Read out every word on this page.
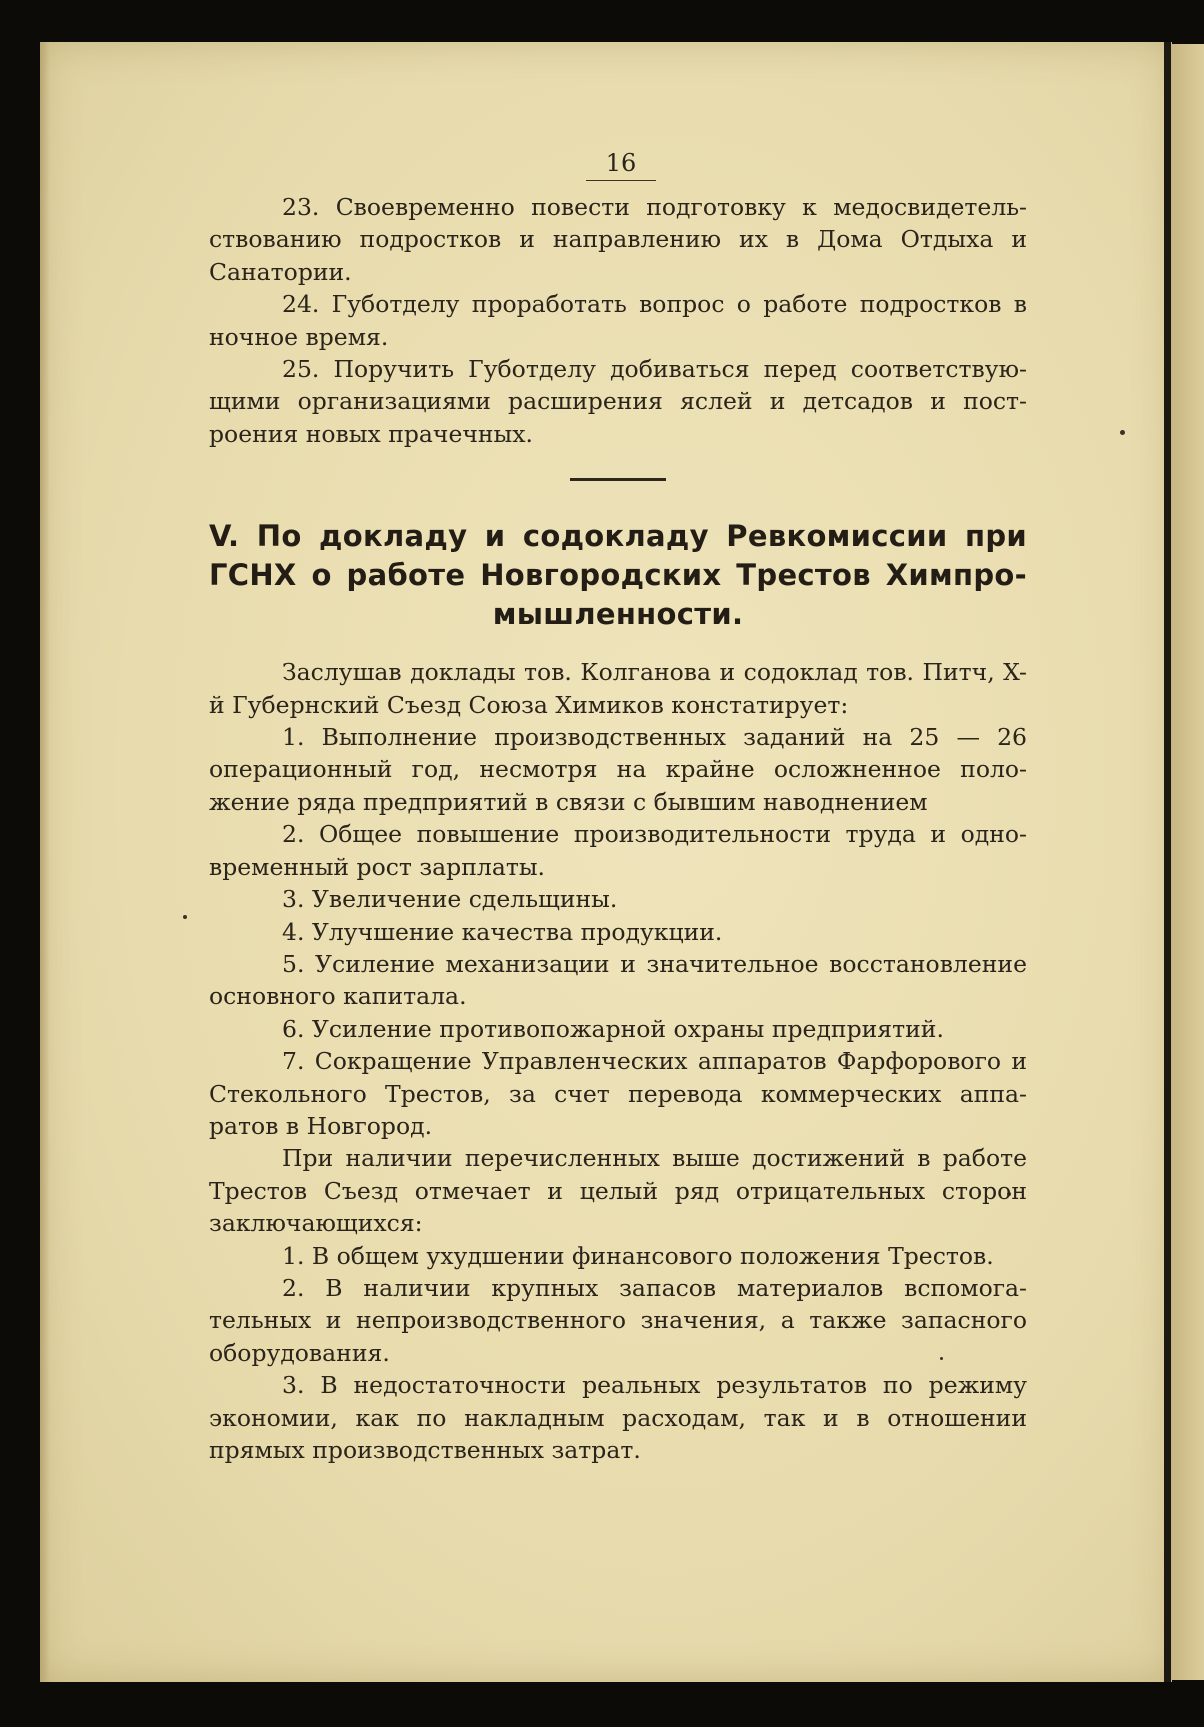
16

23. Своевременно повести подготовку к медосвидетель-ствованию подростков и направлению их в Дома Отдыха и Санатории.

24. Губотделу проработать вопрос о работе подростков в ночное время.

25. Поручить Губотделу добиваться перед соответствую-щими организациями расширения яслей и детсадов и пост-роения новых прачечных.

V. По докладу и содокладу Ревкомиссии при ГСНХ о работе Новгородских Трестов Химпро-мышленности.

Заслушав доклады тов. Колганова и содоклад тов. Питч, X-й Губернский Съезд Союза Химиков констатирует:

1. Выполнение производственных заданий на 25 — 26 операционный год, несмотря на крайне осложненное поло-жение ряда предприятий в связи с бывшим наводнением

2. Общее повышение производительности труда и одно-временный рост зарплаты.

3. Увеличение сдельщины.

4. Улучшение качества продукции.

5. Усиление механизации и значительное восстановление основного капитала.

6. Усиление противопожарной охраны предприятий.

7. Сокращение Управленческих аппаратов Фарфорового и Стекольного Трестов, за счет перевода коммерческих аппа-ратов в Новгород.

При наличии перечисленных выше достижений в работе Трестов Съезд отмечает и целый ряд отрицательных сторон заключающихся:

1. В общем ухудшении финансового положения Трестов.

2. В наличии крупных запасов материалов вспомога-тельных и непроизводственного значения, а также запасного оборудования.

3. В недостаточности реальных результатов по режиму экономии, как по накладным расходам, так и в отношении прямых производственных затрат.
